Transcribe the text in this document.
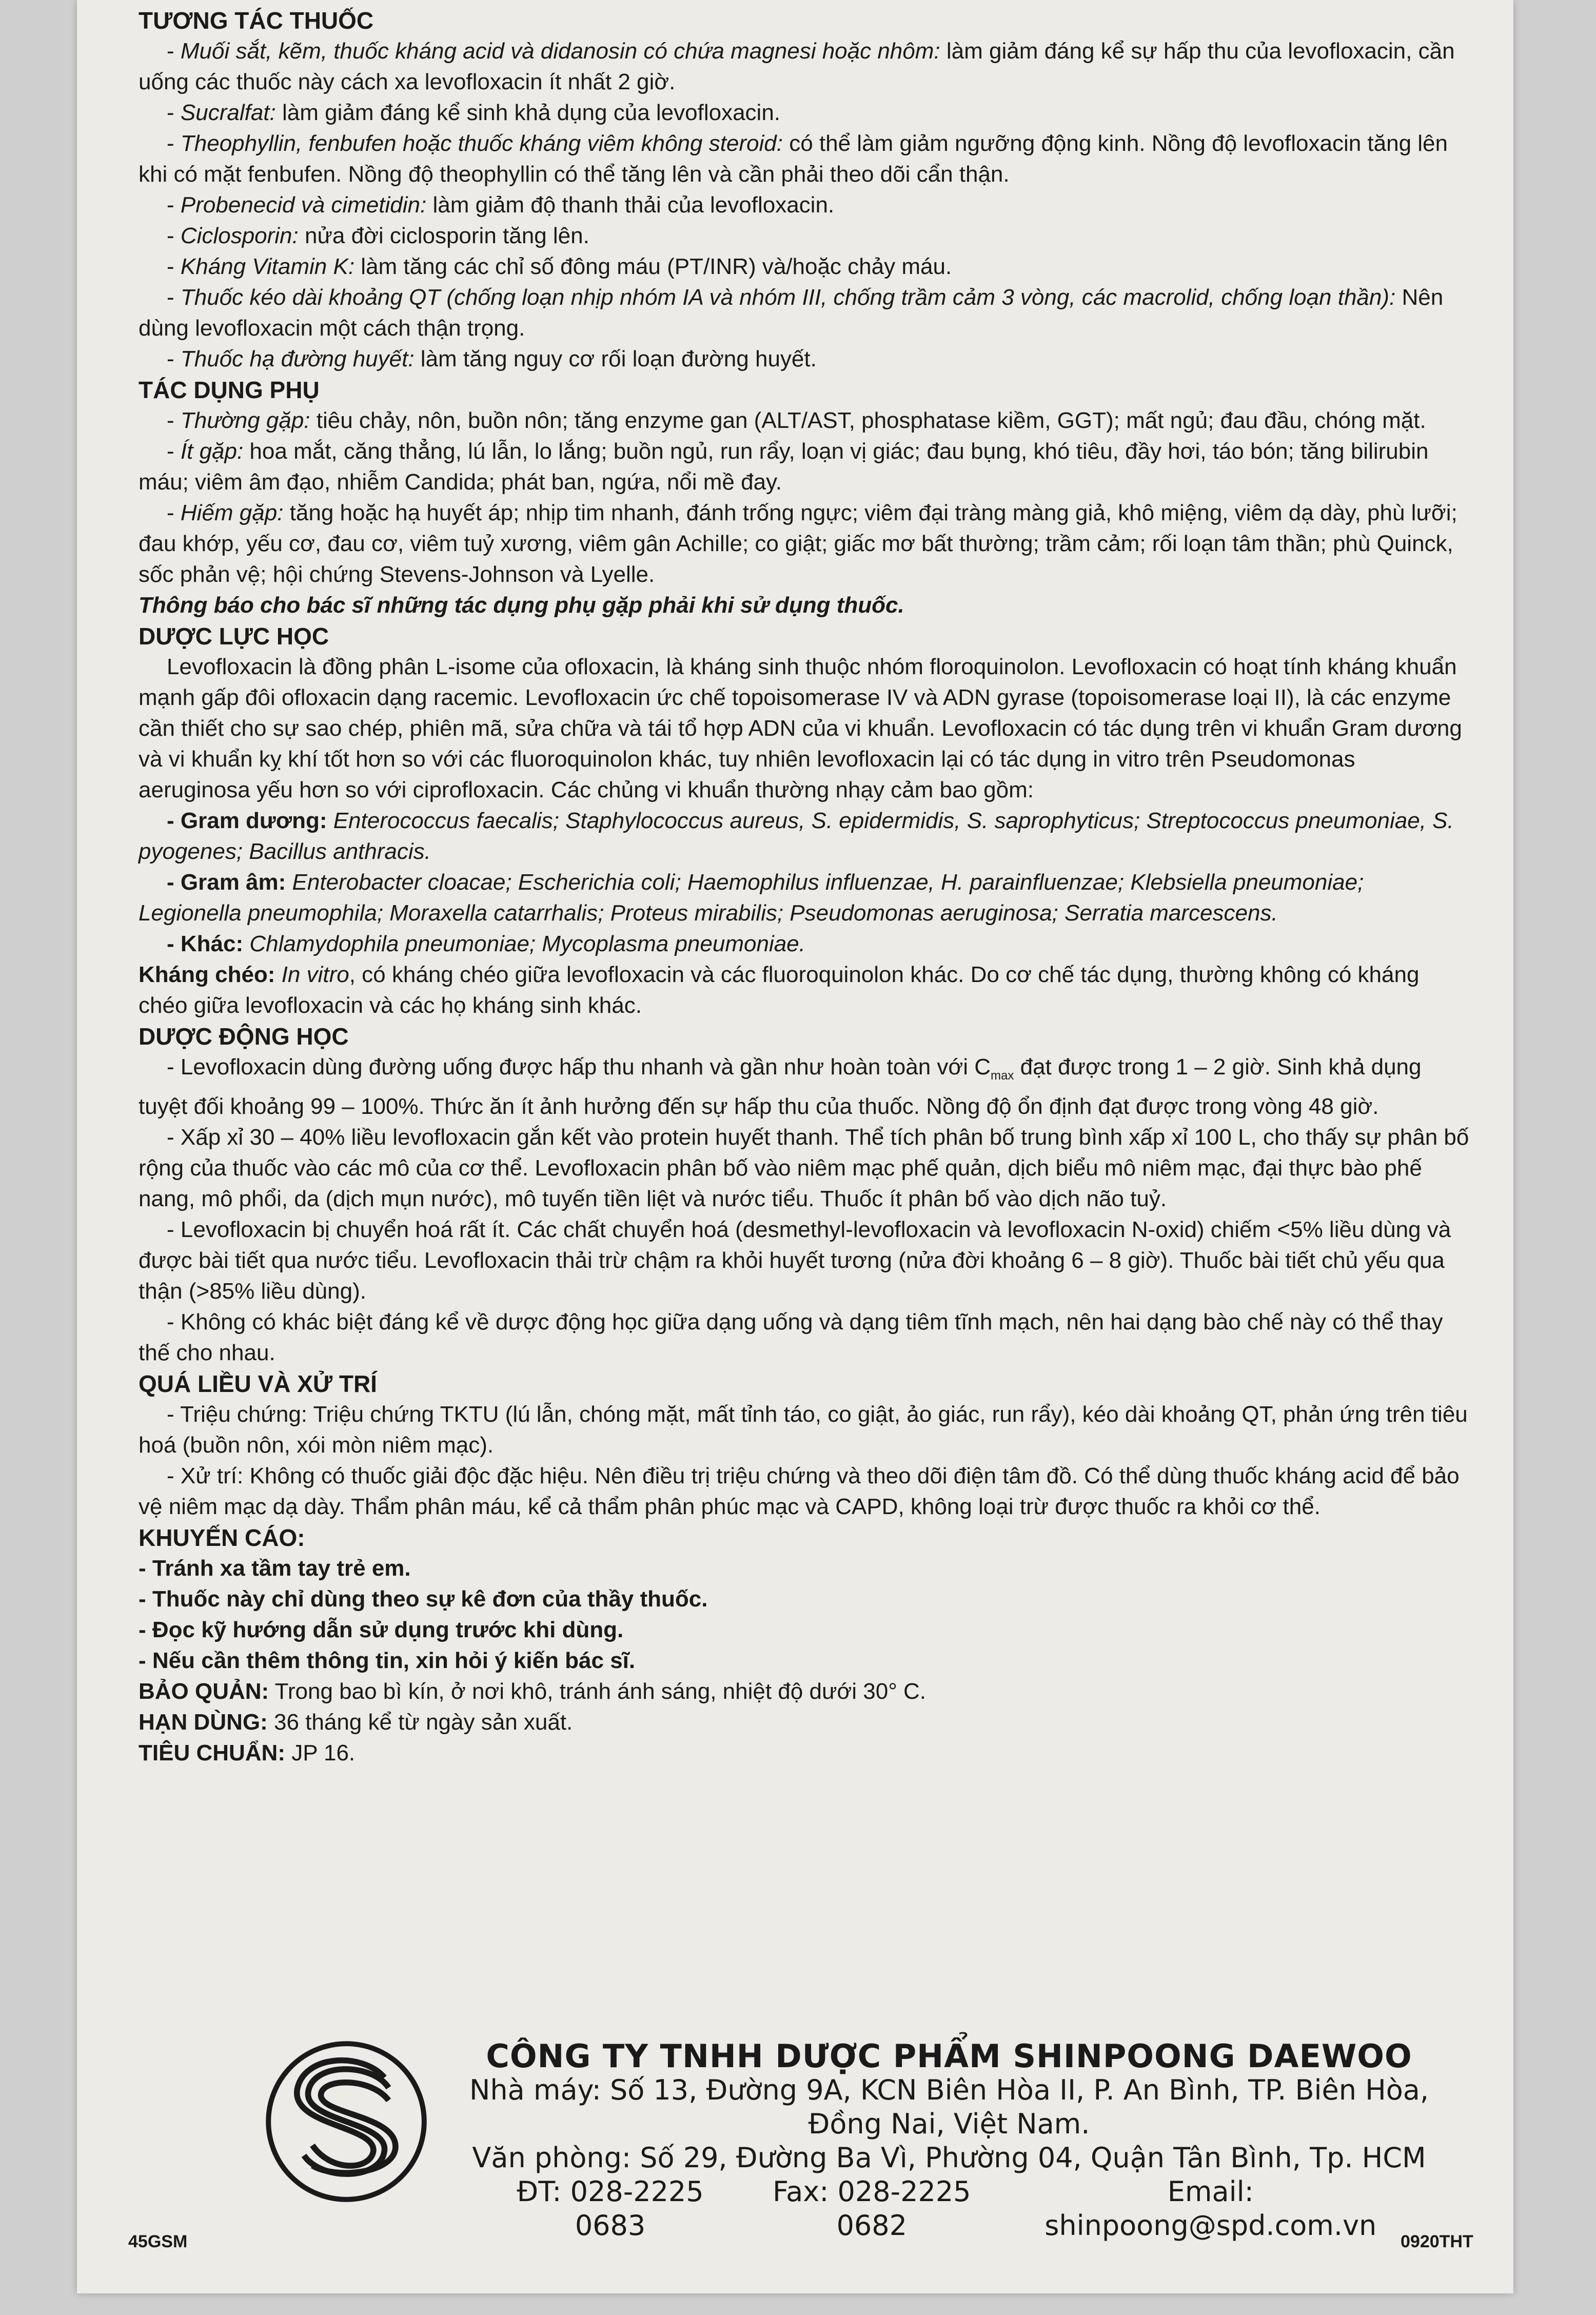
TƯƠNG TÁC THUỐC

- Muối sắt, kẽm, thuốc kháng acid và didanosin có chứa magnesi hoặc nhôm: làm giảm đáng kể sự hấp thu của levofloxacin, cần uống các thuốc này cách xa levofloxacin ít nhất 2 giờ.

- Sucralfat: làm giảm đáng kể sinh khả dụng của levofloxacin.

- Theophyllin, fenbufen hoặc thuốc kháng viêm không steroid: có thể làm giảm ngưỡng động kinh. Nồng độ levofloxacin tăng lên khi có mặt fenbufen. Nồng độ theophyllin có thể tăng lên và cần phải theo dõi cẩn thận.

- Probenecid và cimetidin: làm giảm độ thanh thải của levofloxacin.

- Ciclosporin: nửa đời ciclosporin tăng lên.

- Kháng Vitamin K: làm tăng các chỉ số đông máu (PT/INR) và/hoặc chảy máu.

- Thuốc kéo dài khoảng QT (chống loạn nhịp nhóm IA và nhóm III, chống trầm cảm 3 vòng, các macrolid, chống loạn thần): Nên dùng levofloxacin một cách thận trọng.

- Thuốc hạ đường huyết: làm tăng nguy cơ rối loạn đường huyết.

TÁC DỤNG PHỤ

- Thường gặp: tiêu chảy, nôn, buồn nôn; tăng enzyme gan (ALT/AST, phosphatase kiềm, GGT); mất ngủ; đau đầu, chóng mặt.

- Ít gặp: hoa mắt, căng thẳng, lú lẫn, lo lắng; buồn ngủ, run rẩy, loạn vị giác; đau bụng, khó tiêu, đầy hơi, táo bón; tăng bilirubin máu; viêm âm đạo, nhiễm Candida; phát ban, ngứa, nổi mề đay.

- Hiếm gặp: tăng hoặc hạ huyết áp; nhịp tim nhanh, đánh trống ngực; viêm đại tràng màng giả, khô miệng, viêm dạ dày, phù lưỡi; đau khớp, yếu cơ, đau cơ, viêm tuỷ xương, viêm gân Achille; co giật; giấc mơ bất thường; trầm cảm; rối loạn tâm thần; phù Quinck, sốc phản vệ; hội chứng Stevens-Johnson và Lyelle.

Thông báo cho bác sĩ những tác dụng phụ gặp phải khi sử dụng thuốc.

DƯỢC LỰC HỌC

Levofloxacin là đồng phân L-isome của ofloxacin, là kháng sinh thuộc nhóm floroquinolon. Levofloxacin có hoạt tính kháng khuẩn mạnh gấp đôi ofloxacin dạng racemic. Levofloxacin ức chế topoisomerase IV và ADN gyrase (topoisomerase loại II), là các enzyme cần thiết cho sự sao chép, phiên mã, sửa chữa và tái tổ hợp ADN của vi khuẩn. Levofloxacin có tác dụng trên vi khuẩn Gram dương và vi khuẩn kỵ khí tốt hơn so với các fluoroquinolon khác, tuy nhiên levofloxacin lại có tác dụng in vitro trên Pseudomonas aeruginosa yếu hơn so với ciprofloxacin. Các chủng vi khuẩn thường nhạy cảm bao gồm:

- Gram dương: Enterococcus faecalis; Staphylococcus aureus, S. epidermidis, S. saprophyticus; Streptococcus pneumoniae, S. pyogenes; Bacillus anthracis.

- Gram âm: Enterobacter cloacae; Escherichia coli; Haemophilus influenzae, H. parainfluenzae; Klebsiella pneumoniae; Legionella pneumophila; Moraxella catarrhalis; Proteus mirabilis; Pseudomonas aeruginosa; Serratia marcescens.

- Khác: Chlamydophila pneumoniae; Mycoplasma pneumoniae.

Kháng chéo: In vitro, có kháng chéo giữa levofloxacin và các fluoroquinolon khác. Do cơ chế tác dụng, thường không có kháng chéo giữa levofloxacin và các họ kháng sinh khác.

DƯỢC ĐỘNG HỌC

- Levofloxacin dùng đường uống được hấp thu nhanh và gần như hoàn toàn với $C_{max}$ đạt được trong 1 – 2 giờ. Sinh khả dụng tuyệt đối khoảng 99 – 100%. Thức ăn ít ảnh hưởng đến sự hấp thu của thuốc. Nồng độ ổn định đạt được trong vòng 48 giờ.

- Xấp xỉ 30 – 40% liều levofloxacin gắn kết vào protein huyết thanh. Thể tích phân bố trung bình xấp xỉ 100 L, cho thấy sự phân bố rộng của thuốc vào các mô của cơ thể. Levofloxacin phân bố vào niêm mạc phế quản, dịch biểu mô niêm mạc, đại thực bào phế nang, mô phổi, da (dịch mụn nước), mô tuyến tiền liệt và nước tiểu. Thuốc ít phân bố vào dịch não tuỷ.

- Levofloxacin bị chuyển hoá rất ít. Các chất chuyển hoá (desmethyl-levofloxacin và levofloxacin N-oxid) chiếm <5% liều dùng và được bài tiết qua nước tiểu. Levofloxacin thải trừ chậm ra khỏi huyết tương (nửa đời khoảng 6 – 8 giờ). Thuốc bài tiết chủ yếu qua thận (>85% liều dùng).

- Không có khác biệt đáng kể về dược động học giữa dạng uống và dạng tiêm tĩnh mạch, nên hai dạng bào chế này có thể thay thế cho nhau.

QUÁ LIỀU VÀ XỬ TRÍ

- Triệu chứng: Triệu chứng TKTU (lú lẫn, chóng mặt, mất tỉnh táo, co giật, ảo giác, run rẩy), kéo dài khoảng QT, phản ứng trên tiêu hoá (buồn nôn, xói mòn niêm mạc).

- Xử trí: Không có thuốc giải độc đặc hiệu. Nên điều trị triệu chứng và theo dõi điện tâm đồ. Có thể dùng thuốc kháng acid để bảo vệ niêm mạc dạ dày. Thẩm phân máu, kể cả thẩm phân phúc mạc và CAPD, không loại trừ được thuốc ra khỏi cơ thể.

KHUYẾN CÁO:

- Tránh xa tầm tay trẻ em.

- Thuốc này chỉ dùng theo sự kê đơn của thầy thuốc.

- Đọc kỹ hướng dẫn sử dụng trước khi dùng.

- Nếu cần thêm thông tin, xin hỏi ý kiến bác sĩ.

BẢO QUẢN: Trong bao bì kín, ở nơi khô, tránh ánh sáng, nhiệt độ dưới 30° C.

HẠN DÙNG: 36 tháng kể từ ngày sản xuất.

TIÊU CHUẨN: JP 16.

CÔNG TY TNHH DƯỢC PHẨM SHINPOONG DAEWOO
Nhà máy: Số 13, Đường 9A, KCN Biên Hòa II, P. An Bình, TP. Biên Hòa,
Đồng Nai, Việt Nam.
Văn phòng: Số 29, Đường Ba Vì, Phường 04, Quận Tân Bình, Tp. HCM
ĐT: 028-2225 0683
Fax: 028-2225 0682
Email: shinpoong@spd.com.vn
45GSM	0920THT
